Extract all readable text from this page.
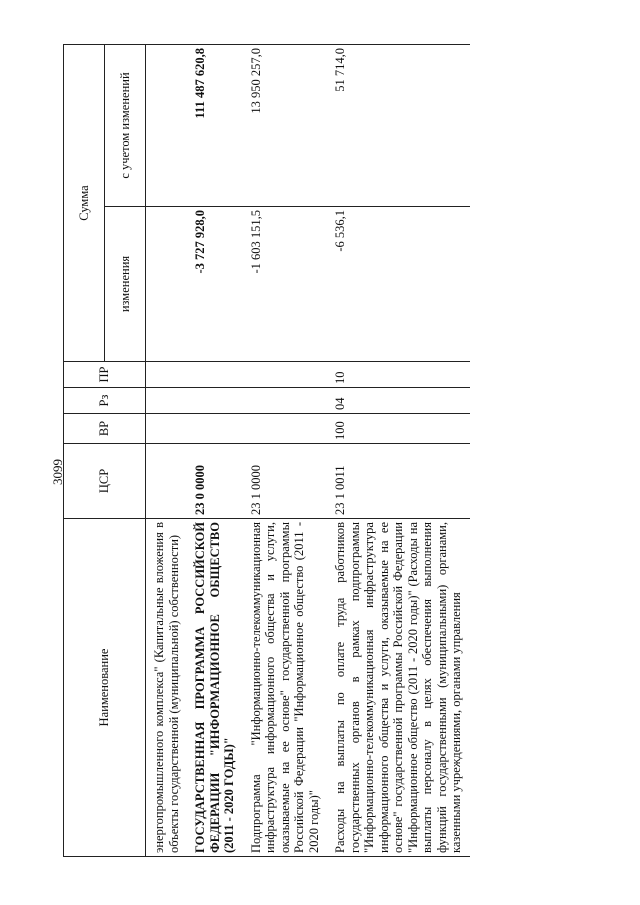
3099
Наименование	ЦСР	ВР	Рз	ПР	Сумма	
					изменения	с учетом изменений
энергопромышленного комплекса" (Капитальные вложения в объекты государственной (муниципальной) собственности)						
ГОСУДАРСТВЕННАЯ ПРОГРАММА РОССИЙСКОЙ ФЕДЕРАЦИИ "ИНФОРМАЦИОННОЕ ОБЩЕСТВО (2011 - 2020 ГОДЫ)"	23 0 0000				-3 727 928,0	111 487 620,8
Подпрограмма "Информационно-телекоммуникационная инфраструктура информационного общества и услуги, оказываемые на ее основе" государственной программы Российской Федерации "Информационное общество (2011 - 2020 годы)"	23 1 0000				-1 603 151,5	13 950 257,0
Расходы на выплаты по оплате труда работников государственных органов в рамках подпрограммы "Информационно-телекоммуникационная инфраструктура информационного общества и услуги, оказываемые на ее основе" государственной программы Российской Федерации "Информационное общество (2011 - 2020 годы)" (Расходы на выплаты персоналу в целях обеспечения выполнения функций государственными (муниципальными) органами, казенными учреждениями, органами управления	23 1 0011	100	04	10	-6 536,1	51 714,0
